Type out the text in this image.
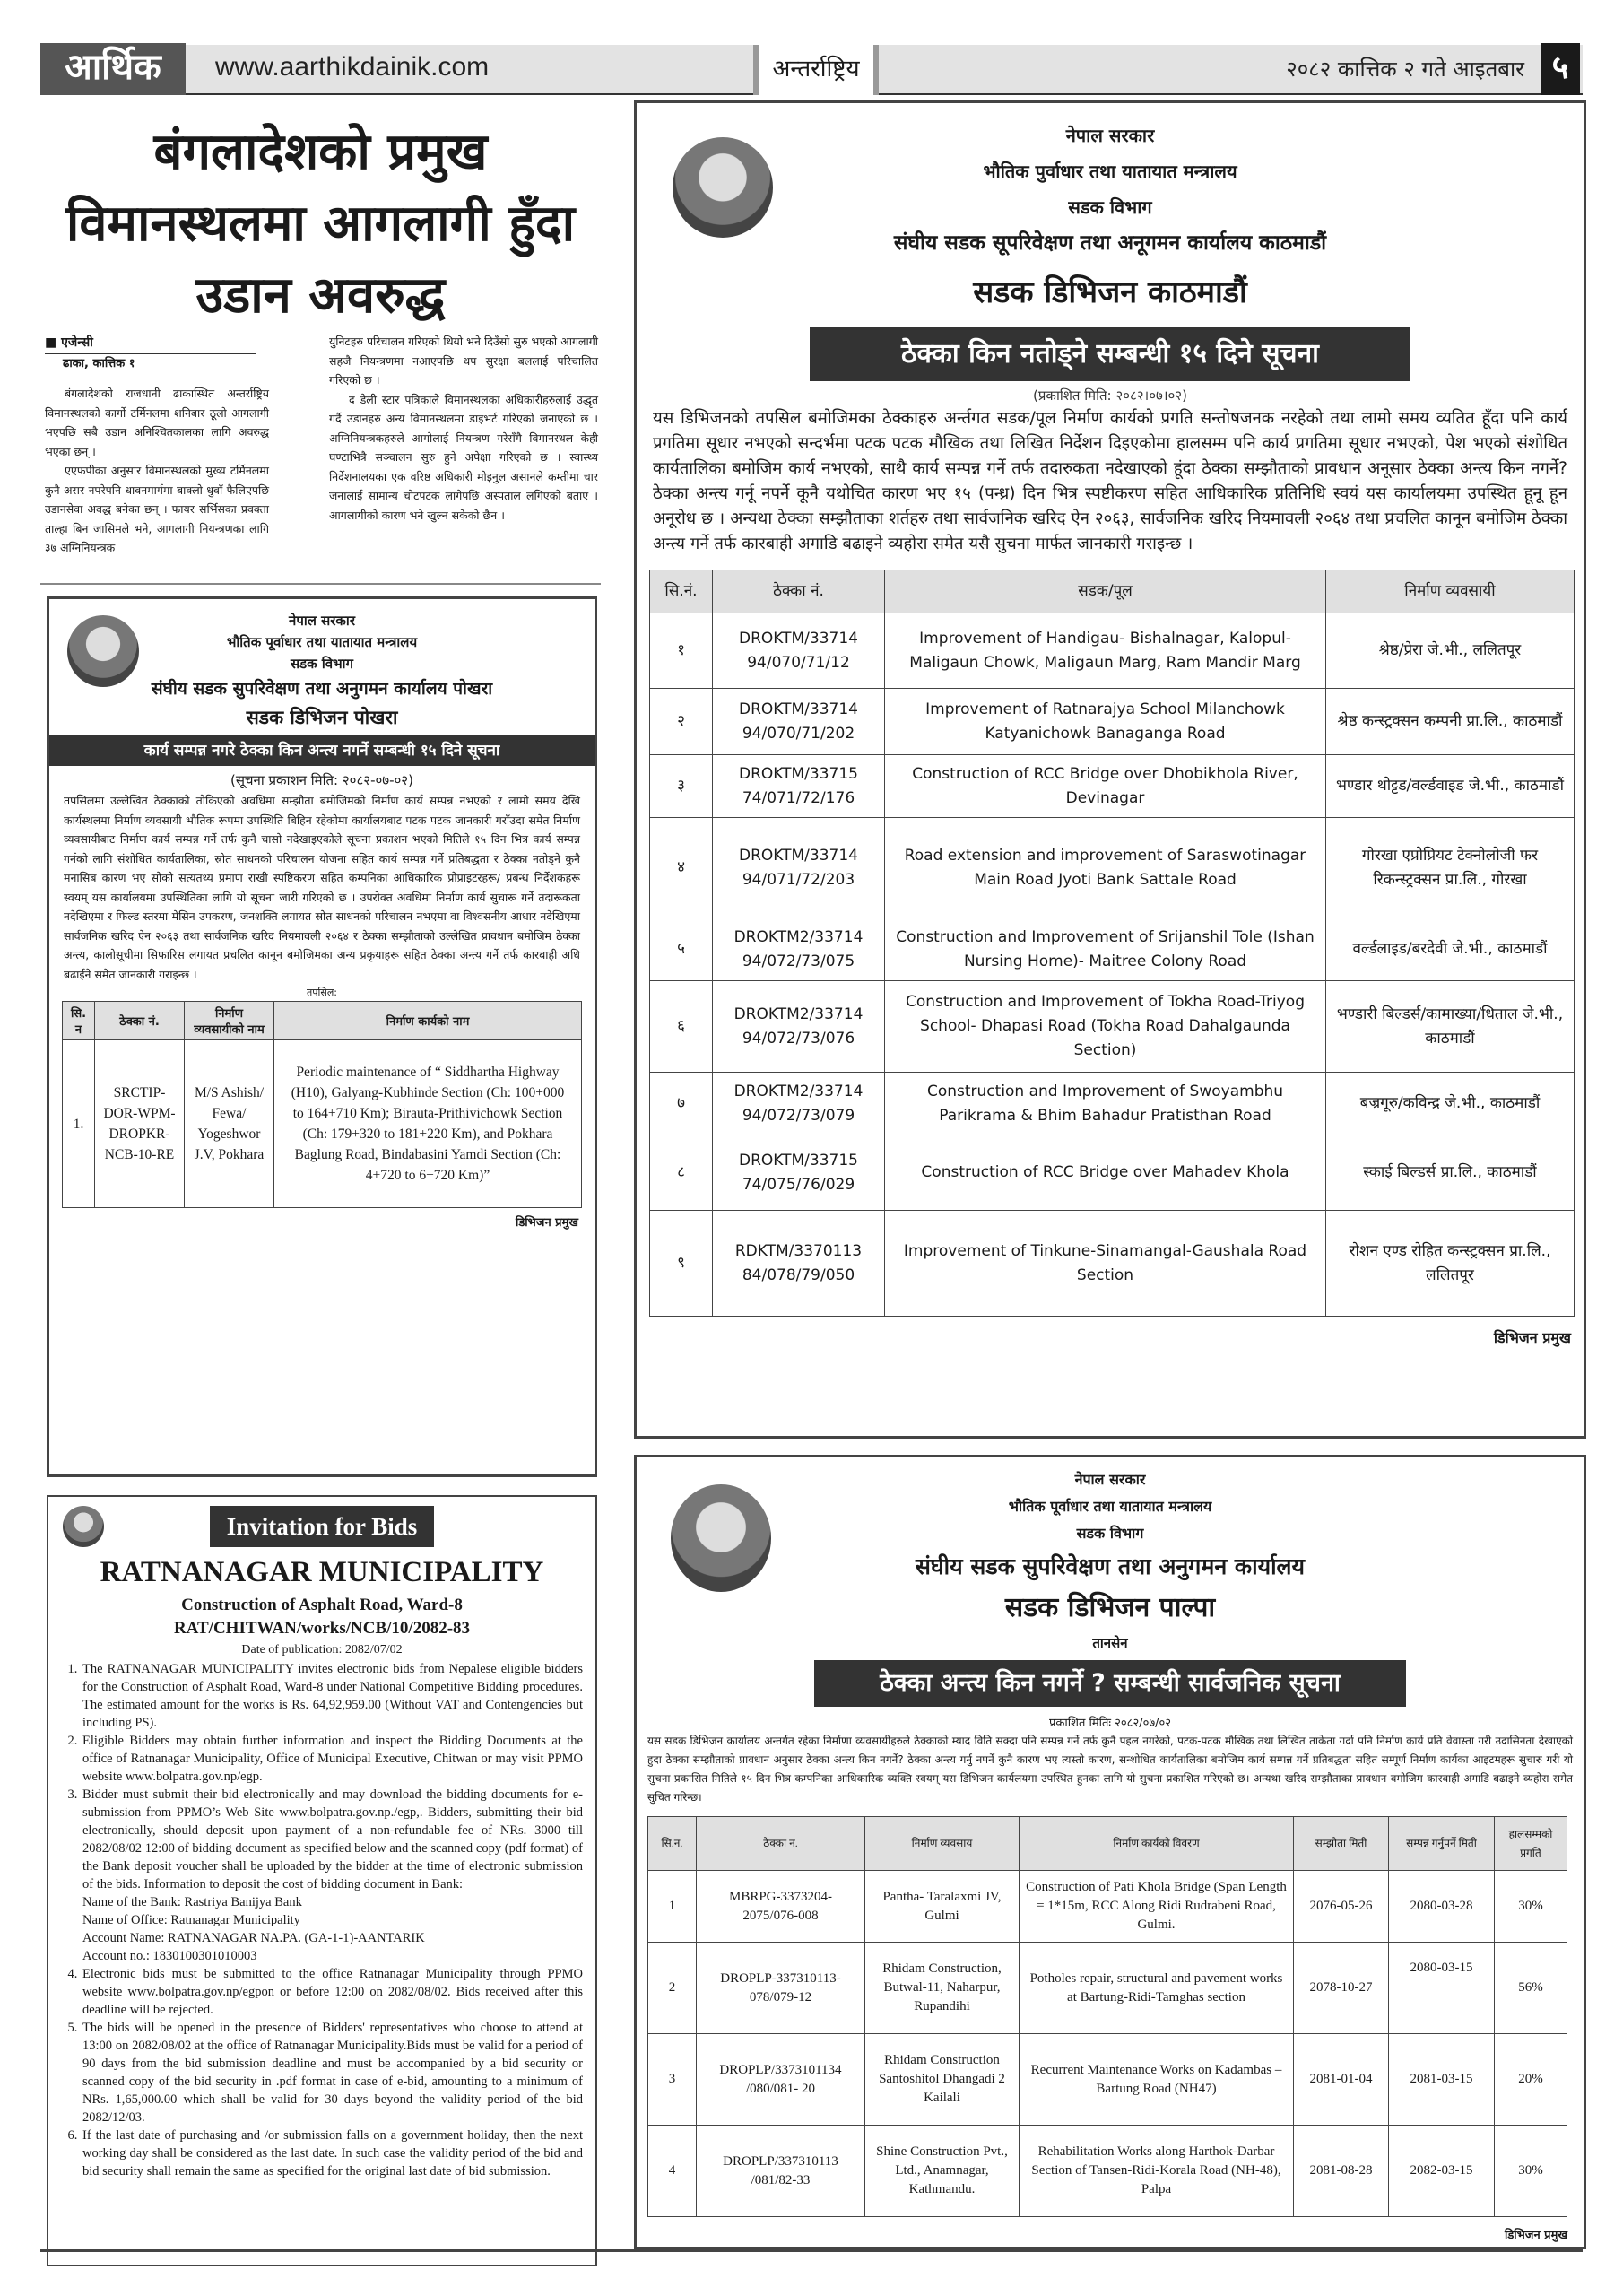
आर्थिक	www.aarthikdainik.com	अन्तर्राष्ट्रिय	२०८२ कात्तिक २ गते आइतबार ५
बंगलादेशको प्रमुख
विमानस्थलमा आगलागी हुँदा
उडान अवरुद्ध
■ एजेन्सी
ढाका, कात्तिक १

बंगलादेशको राजधानी ढाकास्थित अन्तर्राष्ट्रिय विमानस्थलको कार्गो टर्मिनलमा शनिबार ठूलो आगलागी भएपछि सबै उडान अनिश्चितकालका लागि अवरुद्ध भएका छन् ।

एएफपीका अनुसार विमानस्थलको मुख्य टर्मिनलमा कुनै असर नपरेपनि धावनमार्गमा बाक्लो धुवाँ फैलिएपछि उडानसेवा अवद्ध बनेका छन् । फायर सर्भिसका प्रवक्ता ताल्हा बिन जासिमले भने, आगलागी नियन्त्रणका लागि ३७ अग्निनियन्त्रक

युनिटहरु परिचालन गरिएको थियो भने दिउँसो सुरु भएको आगलागी सहजै नियन्त्रणमा नआएपछि थप सुरक्षा बललाई परिचालित गरिएको छ ।

द डेली स्टार पत्रिकाले विमानस्थलका अधिकारीहरुलाई उद्धृत गर्दै उडानहरु अन्य विमानस्थलमा डाइभर्ट गरिएको जनाएको छ । अग्निनियन्त्रकहरुले आगोलाई नियन्त्रण गरेसँगै विमानस्थल केही घण्टाभित्रै सञ्चालन सुरु हुने अपेक्षा गरिएको छ । स्वास्थ्य निर्देशनालयका एक वरिष्ठ अधिकारी मोइनुल असानले कम्तीमा चार जनालाई सामान्य चोटपटक लागेपछि अस्पताल लगिएको बताए । आगलागीको कारण भने खुल्न सकेको छैन ।

नेपाल सरकार
भौतिक पूर्वाधार तथा यातायात मन्त्रालय
सडक विभाग
संघीय सडक सुपरिवेक्षण तथा अनुगमन कार्यालय पोखरा
सडक डिभिजन पोखरा
कार्य सम्पन्न नगरे ठेक्का किन अन्त्य नगर्ने सम्बन्धी १५ दिने सूचना
(सूचना प्रकाशन मिति: २०८२-०७-०२)
तपसिलमा उल्लेखित ठेक्काको तोकिएको अवधिमा सम्झौता बमोजिमको निर्माण कार्य सम्पन्न नभएको र लामो समय देखि कार्यस्थलमा निर्माण व्यवसायी भौतिक रूपमा उपस्थिति बिहिन रहेकोमा कार्यालयबाट पटक पटक जानकारी गराँउदा समेत निर्माण व्यवसायीबाट निर्माण कार्य सम्पन्न गर्ने तर्फ कुनै चासो नदेखाइएकोले सूचना प्रकाशन भएको मितिले १५ दिन भित्र कार्य सम्पन्न गर्नको लागि संशोधित कार्यतालिका, स्रोत साधनको परिचालन योजना सहित कार्य सम्पन्न गर्ने प्रतिबद्धता र ठेक्का नतोड्ने कुनै मनासिब कारण भए सोको सत्यतथ्य प्रमाण राखी स्पष्टिकरण सहित कम्पनिका आधिकारिक प्रोप्राइटरहरू/ प्रबन्ध निर्देशकहरू स्वयम् यस कार्यालयमा उपस्थितिका लागि यो सूचना जारी गरिएको छ । उपरोक्त अवधिमा निर्माण कार्य सुचारू गर्ने तदारूकता नदेखिएमा र फिल्ड स्तरमा मेसिन उपकरण, जनशक्ति लगायत स्रोत साधनको परिचालन नभएमा वा विश्वसनीय आधार नदेखिएमा सार्वजनिक खरिद ऐन २०६३ तथा सार्वजनिक खरिद नियमावली २०६४ र ठेक्का सम्झौताको उल्लेखित प्रावधान बमोजिम ठेक्का अन्त्य, कालोसूचीमा सिफारिस लगायत प्रचलित कानून बमोजिमका अन्य प्रकृयाहरू सहित ठेक्का अन्त्य गर्ने तर्फ कारबाही अधि बढाईने समेत जानकारी गराइन्छ ।
तपसिल:
सि. न	ठेक्का नं.	निर्माण व्यवसायीको नाम	निर्माण कार्यको नाम
1.	SRCTIP-DOR-WPM-DROPKR-NCB-10-RE	M/S Ashish/ Fewa/ Yogeshwor J.V, Pokhara	Periodic maintenance of “ Siddhartha Highway (H10), Galyang-Kubhinde Section (Ch: 100+000 to 164+710 Km); Birauta-Prithivichowk Section (Ch: 179+320 to 181+220 Km), and Pokhara Baglung Road, Bindabasini Yamdi Section (Ch: 4+720 to 6+720 Km)”
डिभिजन प्रमुख
Invitation for Bids
RATNANAGAR MUNICIPALITY
Construction of Asphalt Road, Ward-8
RAT/CHITWAN/works/NCB/10/2082-83
Date of publication: 2082/07/02
1. The RATNANAGAR MUNICIPALITY invites electronic bids from Nepalese eligible bidders for the Construction of Asphalt Road, Ward-8 under National Competitive Bidding procedures. The estimated amount for the works is Rs. 64,92,959.00 (Without VAT and Contengencies but including PS).
2. Eligible Bidders may obtain further information and inspect the Bidding Documents at the office of Ratnanagar Municipality, Office of Municipal Executive, Chitwan or may visit PPMO website www.bolpatra.gov.np/egp.
3. Bidder must submit their bid electronically and may download the bidding documents for e-submission from PPMO’s Web Site www.bolpatra.gov.np./egp,. Bidders, submitting their bid electronically, should deposit upon payment of a non-refundable fee of NRs. 3000 till 2082/08/02 12:00 of bidding document as specified below and the scanned copy (pdf format) of the Bank deposit voucher shall be uploaded by the bidder at the time of electronic submission of the bids. Information to deposit the cost of bidding document in Bank:
Name of the Bank: Rastriya Banijya Bank
Name of Office: Ratnanagar Municipality
Account Name: RATNANAGAR NA.PA. (GA-1-1)-AANTARIK
Account no.: 1830100301010003
4. Electronic bids must be submitted to the office Ratnanagar Municipality through PPMO website www.bolpatra.gov.np/egpon or before 12:00 on 2082/08/02. Bids received after this deadline will be rejected.
5. The bids will be opened in the presence of Bidders' representatives who choose to attend at 13:00 on 2082/08/02 at the office of Ratnanagar Municipality.Bids must be valid for a period of 90 days from the bid submission deadline and must be accompanied by a bid security or scanned copy of the bid security in .pdf format in case of e-bid, amounting to a minimum of NRs. 1,65,000.00 which shall be valid for 30 days beyond the validity period of the bid 2082/12/03.
6. If the last date of purchasing and /or submission falls on a government holiday, then the next working day shall be considered as the last date. In such case the validity period of the bid and bid security shall remain the same as specified for the original last date of bid submission.
नेपाल सरकार
भौतिक पुर्वाधार तथा यातायात मन्त्रालय
सडक विभाग
संघीय सडक सूपरिवेक्षण तथा अनूगमन कार्यालय काठमाडौं
सडक डिभिजन काठमाडौं
ठेक्का किन नतोड्ने सम्बन्धी १५ दिने सूचना
(प्रकाशित मिति: २०८२।०७।०२)
यस डिभिजनको तपसिल बमोजिमका ठेक्काहरु अर्न्तगत सडक/पूल निर्माण कार्यको प्रगति सन्तोषजनक नरहेको तथा लामो समय व्यतित हूँदा पनि कार्य प्रगतिमा सूधार नभएको सन्दर्भमा पटक पटक मौखिक तथा लिखित निर्देशन दिइएकोमा हालसम्म पनि कार्य प्रगतिमा सूधार नभएको, पेश भएको संशोधित कार्यतालिका बमोजिम कार्य नभएको, साथै कार्य सम्पन्न गर्ने तर्फ तदारुकता नदेखाएको हूंदा ठेक्का सम्झौताको प्रावधान अनूसार ठेक्का अन्त्य किन नगर्ने? ठेक्का अन्त्य गर्नू नपर्ने कूनै यथोचित कारण भए १५ (पन्ध्र) दिन भित्र स्पष्टीकरण सहित आधिकारिक प्रतिनिधि स्वयं यस कार्यालयमा उपस्थित हूनू हून अनूरोध छ । अन्यथा ठेक्का सम्झौताका शर्तहरु तथा सार्वजनिक खरिद ऐन २०६३, सार्वजनिक खरिद नियमावली २०६४ तथा प्रचलित कानून बमोजिम ठेक्का अन्त्य गर्ने तर्फ कारबाही अगाडि बढाइने व्यहोरा समेत यसै सुचना मार्फत जानकारी गराइन्छ ।
सि.नं.	ठेक्का नं.	सडक/पूल	निर्माण व्यवसायी
१	DROKTM/33714 94/070/71/12	Improvement of Handigau- Bishalnagar, Kalopul-Maligaun Chowk, Maligaun Marg, Ram Mandir Marg	श्रेष्ठ/प्रेरा जे.भी., ललितपूर
२	DROKTM/33714 94/070/71/202	Improvement of Ratnarajya School Milanchowk Katyanichowk Banaganga Road	श्रेष्ठ कन्स्ट्रक्सन कम्पनी प्रा.लि., काठमाडौं
३	DROKTM/33715 74/071/72/176	Construction of RCC Bridge over Dhobikhola River, Devinagar	भण्डार थोट्टड/वर्ल्डवाइड जे.भी., काठमाडौं
४	DROKTM/33714 94/071/72/203	Road extension and improvement of Saraswotinagar Main Road Jyoti Bank Sattale Road	गोरखा एप्रोप्रियट टेक्नोलोजी फर रिकन्स्ट्रक्सन प्रा.लि., गोरखा
५	DROKTM2/33714 94/072/73/075	Construction and Improvement of Srijanshil Tole (Ishan Nursing Home)- Maitree Colony Road	वर्ल्डलाइड/बरदेवी जे.भी., काठमाडौं
६	DROKTM2/33714 94/072/73/076	Construction and Improvement of Tokha Road-Triyog School- Dhapasi Road (Tokha Road Dahalgaunda Section)	भण्डारी बिल्डर्स/कामाख्या/धिताल जे.भी., काठमाडौं
७	DROKTM2/33714 94/072/73/079	Construction and Improvement of Swoyambhu Parikrama & Bhim Bahadur Pratisthan Road	बज्रगूरु/कविन्द्र जे.भी., काठमाडौं
८	DROKTM/33715 74/075/76/029	Construction of RCC Bridge over Mahadev Khola	स्काई बिल्डर्स प्रा.लि., काठमाडौं
९	RDKTM/3370113 84/078/79/050	Improvement of Tinkune-Sinamangal-Gaushala Road Section	रोशन एण्ड रोहित कन्स्ट्रक्सन प्रा.लि., ललितपूर
डिभिजन प्रमुख
नेपाल सरकार
भौतिक पूर्वाधार तथा यातायात मन्त्रालय
सडक विभाग
संघीय सडक सुपरिवेक्षण तथा अनुगमन कार्यालय
सडक डिभिजन पाल्पा
तानसेन
ठेक्का अन्त्य किन नगर्ने ? सम्बन्धी सार्वजनिक सूचना
प्रकाशित मितिः २०८२/०७/०२
यस सडक डिभिजन कार्यालय अन्तर्गत रहेका निर्माणा व्यवसायीहरुले ठेक्काको म्याद विति सक्दा पनि सम्पन्न गर्ने तर्फ कुनै पहल नगरेको, पटक-पटक मौखिक तथा लिखित ताकेता गर्दा पनि निर्माण कार्य प्रति वेवास्ता गरी उदासिनता देखाएको हुदा ठेक्का सम्झौताको प्रावधान अनुसार ठेक्का अन्त्य किन नगर्ने? ठेक्का अन्त्य गर्नु नपर्ने कुनै कारण भए त्यस्तो कारण, सन्शोधित कार्यतालिका बमोजिम कार्य सम्पन्न गर्ने प्रतिबद्धता सहित सम्पूर्ण निर्माण कार्यका आइटमहरू सुचारु गरी यो सुचना प्रकासित मितिले १५ दिन भित्र कम्पनिका आधिकारिक व्यक्ति स्वयम् यस डिभिजन कार्यलयमा उपस्थित हुनका लागि यो सुचना प्रकाशित गरिएको छ। अन्यथा खरिद सम्झौताका प्रावधान वमोजिम कारवाही अगाडि बढाइने व्यहोरा समेत सुचित गरिन्छ।
सि.न.	ठेक्का न.	निर्माण व्यवसाय	निर्माण कार्यको विवरण	सम्झौता मिती	सम्पन्न गर्नुपर्ने मिती	हालसम्मको प्रगति
1	MBRPG-3373204-2075/076-008	Pantha- Taralaxmi JV, Gulmi	Construction of Pati Khola Bridge (Span Length = 1*15m, RCC Along Ridi Rudrabeni Road, Gulmi.	2076-05-26	2080-03-28	30%
2	DROPLP-337310113-078/079-12	Rhidam Construction, Butwal-11, Naharpur, Rupandihi	Potholes repair, structural and pavement works at Bartung-Ridi-Tamghas section	2078-10-27	2080-03-15	56%
3	DROPLP/3373101134 /080/081- 20	Rhidam Construction Santoshitol Dhangadi 2 Kailali	Recurrent Maintenance Works on Kadambas –Bartung Road (NH47)	2081-01-04	2081-03-15	20%
4	DROPLP/337310113 /081/82-33	Shine Construction Pvt., Ltd., Anamnagar, Kathmandu.	Rehabilitation Works along Harthok-Darbar Section of Tansen-Ridi-Korala Road (NH-48), Palpa	2081-08-28	2082-03-15	30%
डिभिजन प्रमुख
